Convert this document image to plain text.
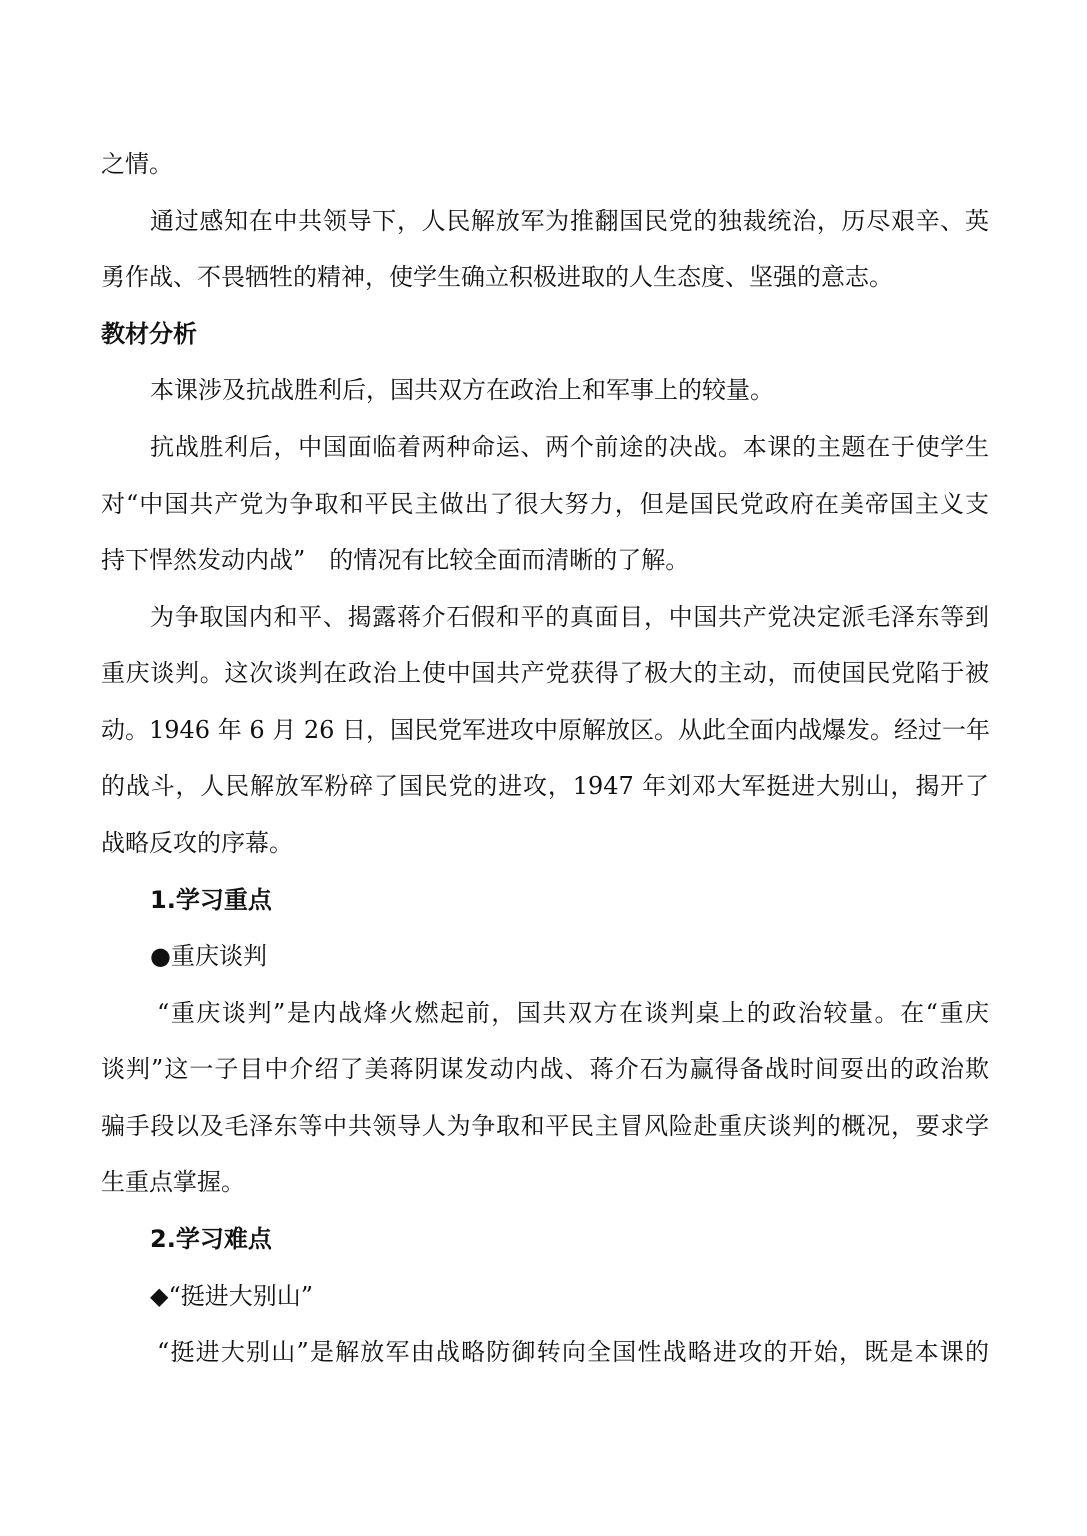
之情。
通过感知在中共领导下，人民解放军为推翻国民党的独裁统治，历尽艰辛、英
勇作战、不畏牺牲的精神，使学生确立积极进取的人生态度、坚强的意志。
教材分析
本课涉及抗战胜利后，国共双方在政治上和军事上的较量。
抗战胜利后，中国面临着两种命运、两个前途的决战。本课的主题在于使学生
对“中国共产党为争取和平民主做出了很大努力，但是国民党政府在美帝国主义支
持下悍然发动内战”　的情况有比较全面而清晰的了解。
为争取国内和平、揭露蒋介石假和平的真面目，中国共产党决定派毛泽东等到
重庆谈判。这次谈判在政治上使中国共产党获得了极大的主动，而使国民党陷于被
动。1946 年 6 月 26 日，国民党军进攻中原解放区。从此全面内战爆发。经过一年
的战斗，人民解放军粉碎了国民党的进攻，1947 年刘邓大军挺进大别山，揭开了
战略反攻的序幕。
1.学习重点
●重庆谈判
“重庆谈判”是内战烽火燃起前，国共双方在谈判桌上的政治较量。在“重庆
谈判”这一子目中介绍了美蒋阴谋发动内战、蒋介石为赢得备战时间耍出的政治欺
骗手段以及毛泽东等中共领导人为争取和平民主冒风险赴重庆谈判的概况，要求学
生重点掌握。
2.学习难点
◆“挺进大别山”
“挺进大别山”是解放军由战略防御转向全国性战略进攻的开始，既是本课的
